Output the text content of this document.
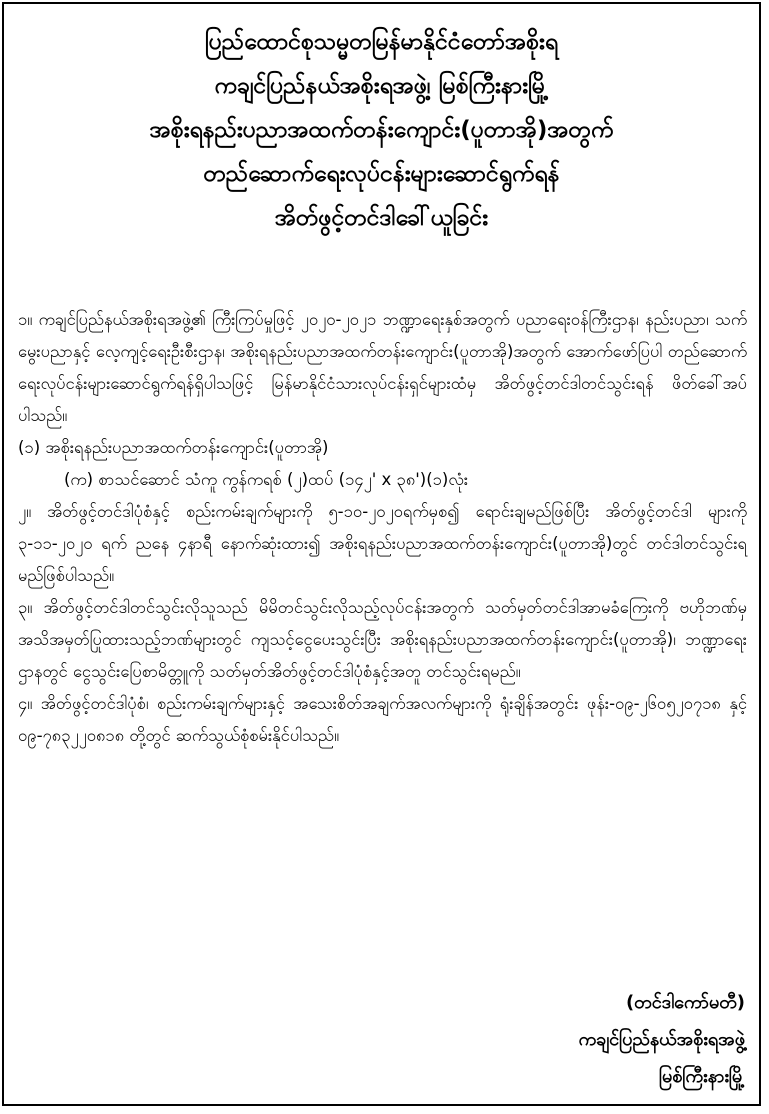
ပြည်ထောင်စုသမ္မတမြန်မာနိုင်ငံတော်အစိုးရ
ကချင်ပြည်နယ်အစိုးရအဖွဲ့၊ မြစ်ကြီးနားမြို့
အစိုးရနည်းပညာအထက်တန်းကျောင်း(ပူတာအို)အတွက်
တည်ဆောက်ရေးလုပ်ငန်းများဆောင်ရွက်ရန်
အိတ်ဖွင့်တင်ဒါခေါ်ယူခြင်း

၁။ ကချင်ပြည်နယ်အစိုးရအဖွဲ့၏ ကြီးကြပ်မှုဖြင့် ၂၀၂၀-၂၀၂၁ ဘဏ္ဍာရေးနှစ်အတွက် ပညာရေးဝန်ကြီးဌာန၊ နည်းပညာ၊ သက်မွေးပညာနှင့် လေ့ကျင့်ရေးဦးစီးဌာန၊ အစိုးရနည်းပညာအထက်တန်းကျောင်း(ပူတာအို)အတွက် အောက်ဖော်ပြပါ တည်ဆောက်ရေးလုပ်ငန်းများဆောင်ရွက်ရန်ရှိပါသဖြင့် မြန်မာနိုင်ငံသားလုပ်ငန်းရှင်များထံမှ အိတ်ဖွင့်တင်ဒါတင်သွင်းရန် ဖိတ်ခေါ်အပ်ပါသည်။

(၁) အစိုးရနည်းပညာအထက်တန်းကျောင်း(ပူတာအို)

(က) စာသင်ဆောင် သံကူ ကွန်ကရစ် (၂)ထပ် (၁၄၂' x ၃၈')(၁)လုံး

၂။ အိတ်ဖွင့်တင်ဒါပုံစံနှင့် စည်းကမ်းချက်များကို ၅-၁၀-၂၀၂၀ရက်မှစ၍ ရောင်းချမည်ဖြစ်ပြီး အိတ်ဖွင့်တင်ဒါ များကို ၃-၁၁-၂၀၂၀ ရက် ညနေ ၄နာရီ နောက်ဆုံးထား၍ အစိုးရနည်းပညာအထက်တန်းကျောင်း(ပူတာအို)တွင် တင်ဒါတင်သွင်းရမည်ဖြစ်ပါသည်။

၃။ အိတ်ဖွင့်တင်ဒါတင်သွင်းလိုသူသည် မိမိတင်သွင်းလိုသည့်လုပ်ငန်းအတွက် သတ်မှတ်တင်ဒါအာမခံကြေးကို ဗဟိုဘဏ်မှ အသိအမှတ်ပြုထားသည့်ဘဏ်များတွင် ကျသင့်ငွေပေးသွင်းပြီး အစိုးရနည်းပညာအထက်တန်းကျောင်း(ပူတာအို)၊ ဘဏ္ဍာရေးဌာနတွင် ငွေသွင်းပြေစာမိတ္တူကို သတ်မှတ်အိတ်ဖွင့်တင်ဒါပုံစံနှင့်အတူ တင်သွင်းရမည်။

၄။ အိတ်ဖွင့်တင်ဒါပုံစံ၊ စည်းကမ်းချက်များနှင့် အသေးစိတ်အချက်အလက်များကို ရုံးချိန်အတွင်း ဖုန်း-၀၉-၂၆၀၅၂၀၇၁၈ နှင့် ၀၉-၇၈၃၂၂၀၈၁၈ တို့တွင် ဆက်သွယ်စုံစမ်းနိုင်ပါသည်။

(တင်ဒါကော်မတီ)
ကချင်ပြည်နယ်အစိုးရအဖွဲ့
မြစ်ကြီးနားမြို့
